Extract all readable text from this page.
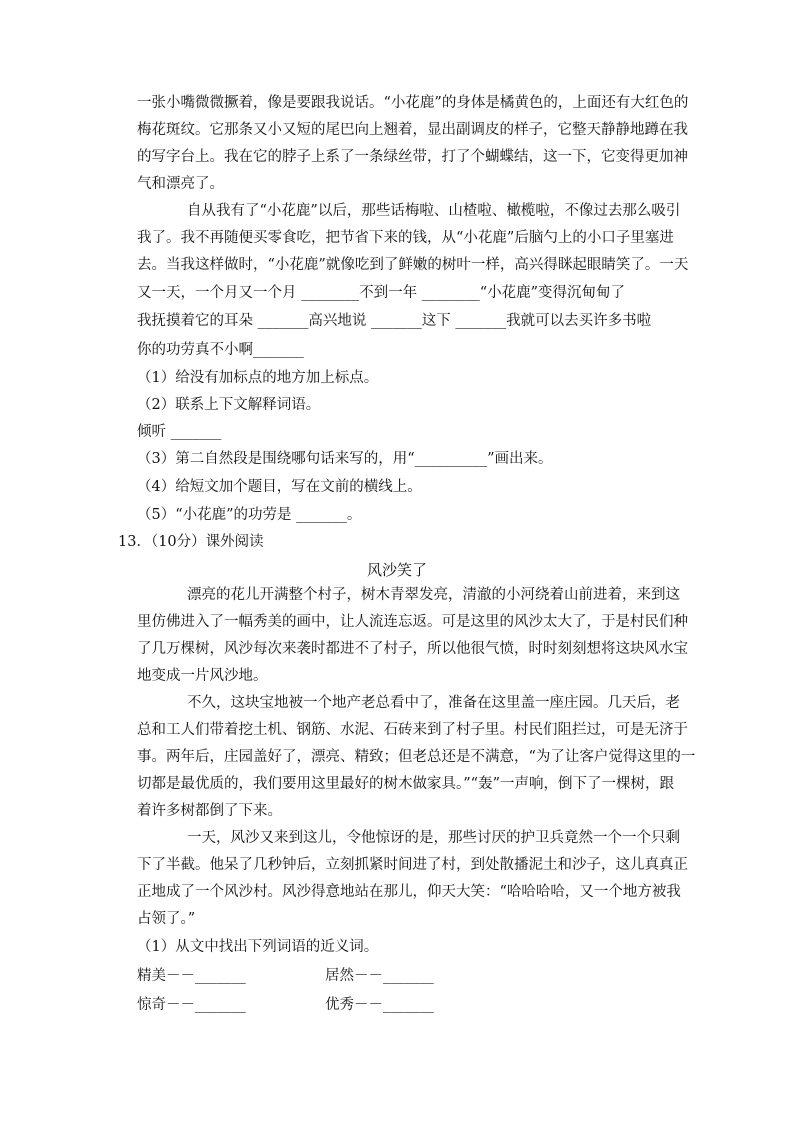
一张小嘴微微撅着，像是要跟我说话。“小花鹿”的身体是橘黄色的，上面还有大红色的
梅花斑纹。它那条又小又短的尾巴向上翘着，显出副调皮的样子，它整天静静地蹲在我
的写字台上。我在它的脖子上系了一条绿丝带，打了个蝴蝶结，这一下，它变得更加神
气和漂亮了。
自从我有了“小花鹿”以后，那些话梅啦、山楂啦、橄榄啦，不像过去那么吸引
我了。我不再随便买零食吃，把节省下来的钱，从“小花鹿”后脑勺上的小口子里塞进
去。当我这样做时，“小花鹿”就像吃到了鲜嫩的树叶一样，高兴得眯起眼睛笑了。一天
又一天，一个月又一个月 ________不到一年 ________“小花鹿”变得沉甸甸了
我抚摸着它的耳朵 _______高兴地说 _______这下 _______我就可以去买许多书啦
你的功劳真不小啊_______
（1）给没有加标点的地方加上标点。
（2）联系上下文解释词语。
倾听 _______
（3）第二自然段是围绕哪句话来写的，用“__________”画出来。
（4）给短文加个题目，写在文前的横线上。
（5）“小花鹿”的功劳是 _______。
13．（10分）课外阅读
风沙笑了
漂亮的花儿开满整个村子，树木青翠发亮，清澈的小河绕着山前进着，来到这
里仿佛进入了一幅秀美的画中，让人流连忘返。可是这里的风沙太大了，于是村民们种
了几万棵树，风沙每次来袭时都进不了村子，所以他很气愤，时时刻刻想将这块风水宝
地变成一片风沙地。
不久，这块宝地被一个地产老总看中了，准备在这里盖一座庄园。几天后，老
总和工人们带着挖土机、钢筋、水泥、石砖来到了村子里。村民们阻拦过，可是无济于
事。两年后，庄园盖好了，漂亮、精致；但老总还是不满意，“为了让客户觉得这里的一
切都是最优质的，我们要用这里最好的树木做家具。”“轰”一声响，倒下了一棵树，跟
着许多树都倒了下来。
一天，风沙又来到这儿，令他惊讶的是，那些讨厌的护卫兵竟然一个一个只剩
下了半截。他呆了几秒钟后，立刻抓紧时间进了村，到处散播泥土和沙子，这儿真真正
正地成了一个风沙村。风沙得意地站在那儿，仰天大笑：“哈哈哈哈，又一个地方被我
占领了。”
（1）从文中找出下列词语的近义词。
精美－－_______	居然－－_______
惊奇－－_______	优秀－－_______
